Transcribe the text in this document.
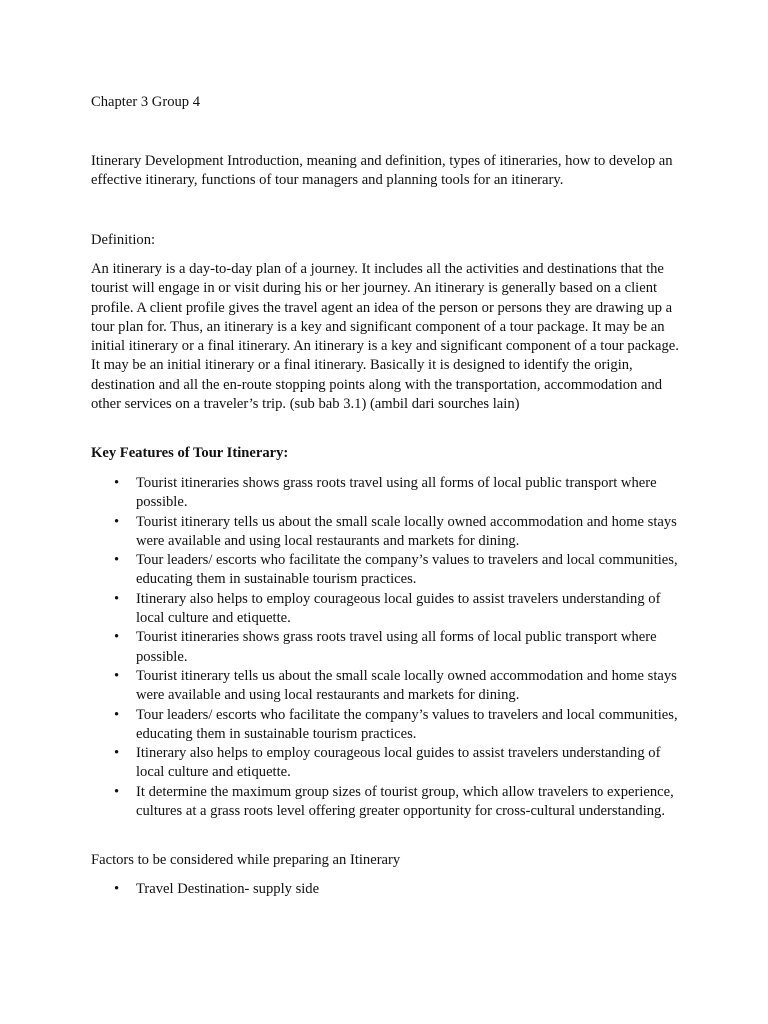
Chapter 3 Group 4

Itinerary Development Introduction, meaning and definition, types of itineraries, how to develop an effective itinerary, functions of tour managers and planning tools for an itinerary.

Definition:

An itinerary is a day-to-day plan of a journey. It includes all the activities and destinations that the tourist will engage in or visit during his or her journey. An itinerary is generally based on a client profile. A client profile gives the travel agent an idea of the person or persons they are drawing up a tour plan for. Thus, an itinerary is a key and significant component of a tour package. It may be an initial itinerary or a final itinerary. An itinerary is a key and significant component of a tour package. It may be an initial itinerary or a final itinerary. Basically it is designed to identify the origin, destination and all the en-route stopping points along with the transportation, accommodation and other services on a traveler’s trip. (sub bab 3.1) (ambil dari sourches lain)

Key Features of Tour Itinerary:

• Tourist itineraries shows grass roots travel using all forms of local public transport where possible.
• Tourist itinerary tells us about the small scale locally owned accommodation and home stays were available and using local restaurants and markets for dining.
• Tour leaders/ escorts who facilitate the company’s values to travelers and local communities, educating them in sustainable tourism practices.
• Itinerary also helps to employ courageous local guides to assist travelers understanding of local culture and etiquette.
• Tourist itineraries shows grass roots travel using all forms of local public transport where possible.
• Tourist itinerary tells us about the small scale locally owned accommodation and home stays were available and using local restaurants and markets for dining.
• Tour leaders/ escorts who facilitate the company’s values to travelers and local communities, educating them in sustainable tourism practices.
• Itinerary also helps to employ courageous local guides to assist travelers understanding of local culture and etiquette.
• It determine the maximum group sizes of tourist group, which allow travelers to experience, cultures at a grass roots level offering greater opportunity for cross-cultural understanding.

Factors to be considered while preparing an Itinerary

• Travel Destination- supply side
